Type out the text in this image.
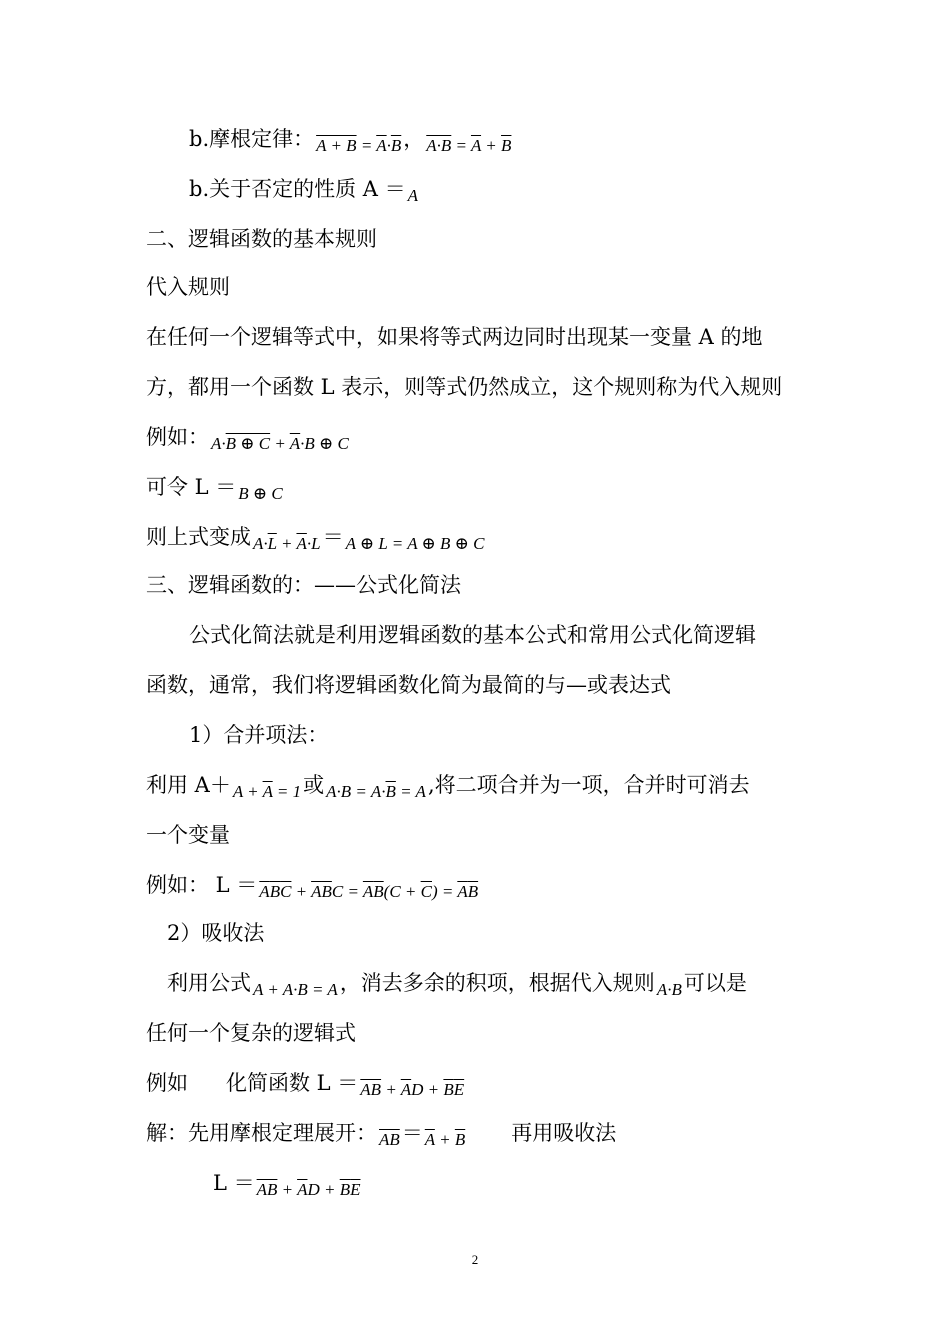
b.摩根定律： $_{A + B = \overline{A}\cdot\overline{B}}$， $_{A\cdot B = \overline{A} + \overline{B}}$
b.关于否定的性质 A ＝ $_A$
二、逻辑函数的基本规则
代入规则
在任何一个逻辑等式中，如果将等式两边同时出现某一变量 A 的地
方，都用一个函数 L 表示，则等式仍然成立，这个规则称为代入规则
例如： $_{A\cdot B \oplus C + \overline{A}\cdot B \oplus C}$
可令 L ＝ $_{B \oplus C}$
则上式变成 $_{A\cdot\overline{L} + \overline{A}\cdot L}$＝ $_{A \oplus L = A \oplus B \oplus C}$
三、逻辑函数的：——公式化简法
公式化简法就是利用逻辑函数的基本公式和常用公式化简逻辑
函数，通常，我们将逻辑函数化简为最简的与—或表达式
1）合并项法：
利用 A＋ $_{A + \overline{A} = 1}$或 $_{A\cdot B = A\cdot\overline{B} = A}$,将二项合并为一项，合并时可消去
一个变量
例如： L ＝ $_{\overline{A}\overline{B}\overline{C} + \overline{A}\overline{B}C = \overline{A}\overline{B}(C + \overline{C}) = \overline{A}\overline{B}}$
2）吸收法
利用公式 $_{A + A\cdot B = A}$，消去多余的积项，根据代入规则 $_{A\cdot B}$可以是
任何一个复杂的逻辑式
例如 化简函数 L ＝ $_{\overline{AB} + \overline{A}D + \overline{B}\overline{E}}$
解：先用摩根定理展开： $_{\overline{AB}}$＝ $_{\overline{A} + \overline{B}}$ 再用吸收法
L ＝ $_{\overline{AB} + \overline{A}D + \overline{B}\overline{E}}$
2
